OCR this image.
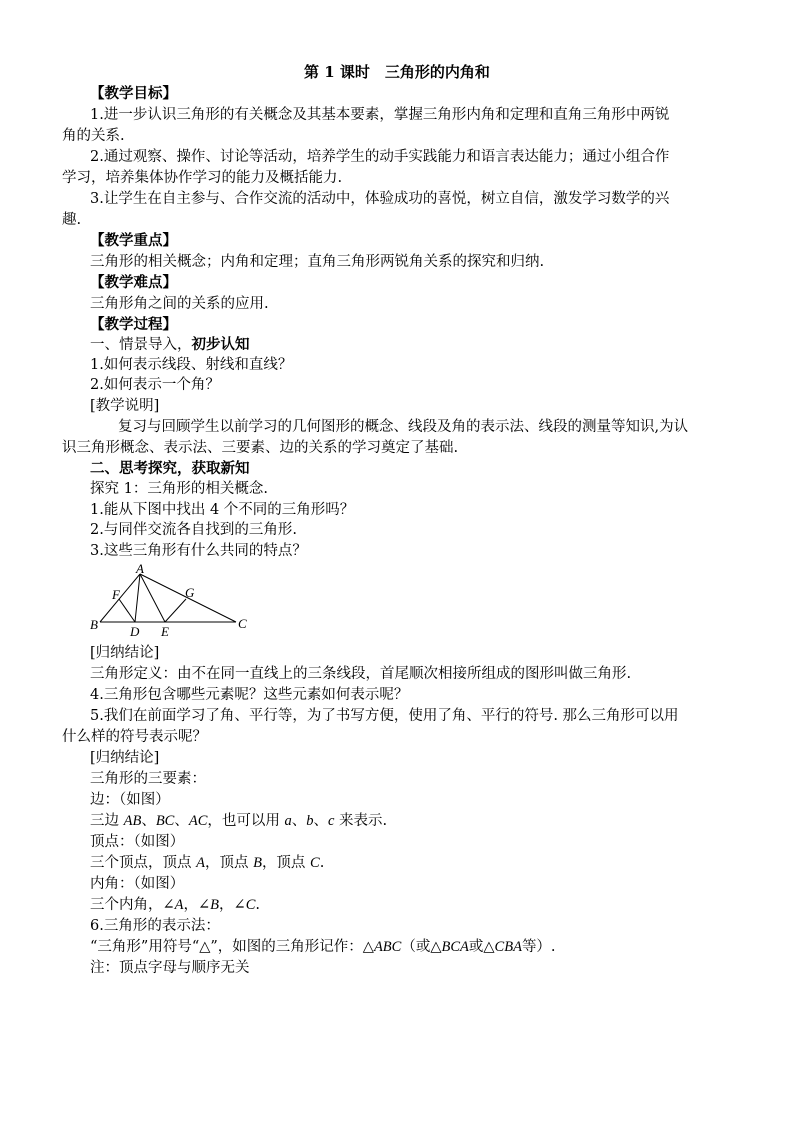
第 1 课时　三角形的内角和
【教学目标】
1.进一步认识三角形的有关概念及其基本要素，掌握三角形内角和定理和直角三角形中两锐
角的关系.
2.通过观察、操作、讨论等活动，培养学生的动手实践能力和语言表达能力；通过小组合作
学习，培养集体协作学习的能力及概括能力.
3.让学生在自主参与、合作交流的活动中，体验成功的喜悦，树立自信，激发学习数学的兴
趣.
【教学重点】
三角形的相关概念；内角和定理；直角三角形两锐角关系的探究和归纳.
【教学难点】
三角形角之间的关系的应用.
【教学过程】
一、情景导入，初步认知
1.如何表示线段、射线和直线？
2.如何表示一个角？
[教学说明]
复习与回顾学生以前学习的几何图形的概念、线段及角的表示法、线段的测量等知识,为认
识三角形概念、表示法、三要素、边的关系的学习奠定了基础.
二、思考探究，获取新知
探究 1：三角形的相关概念.
1.能从下图中找出 4 个不同的三角形吗？
2.与同伴交流各自找到的三角形.
3.这些三角形有什么共同的特点？
A
B	C
D E
F	G
[归纳结论]
三角形定义：由不在同一直线上的三条线段，首尾顺次相接所组成的图形叫做三角形.
4.三角形包含哪些元素呢？这些元素如何表示呢？
5.我们在前面学习了角、平行等，为了书写方便，使用了角、平行的符号. 那么三角形可以用
什么样的符号表示呢？
[归纳结论]
三角形的三要素：
边：（如图）
三边 AB、BC、AC，也可以用 a、b、c 来表示.
顶点：（如图）
三个顶点，顶点 A，顶点 B，顶点 C.
内角：（如图）
三个内角，∠A，∠B，∠C.
6.三角形的表示法：
“三角形”用符号“△”，如图的三角形记作：△ABC（或△BCA或△CBA等）.
注：顶点字母与顺序无关
